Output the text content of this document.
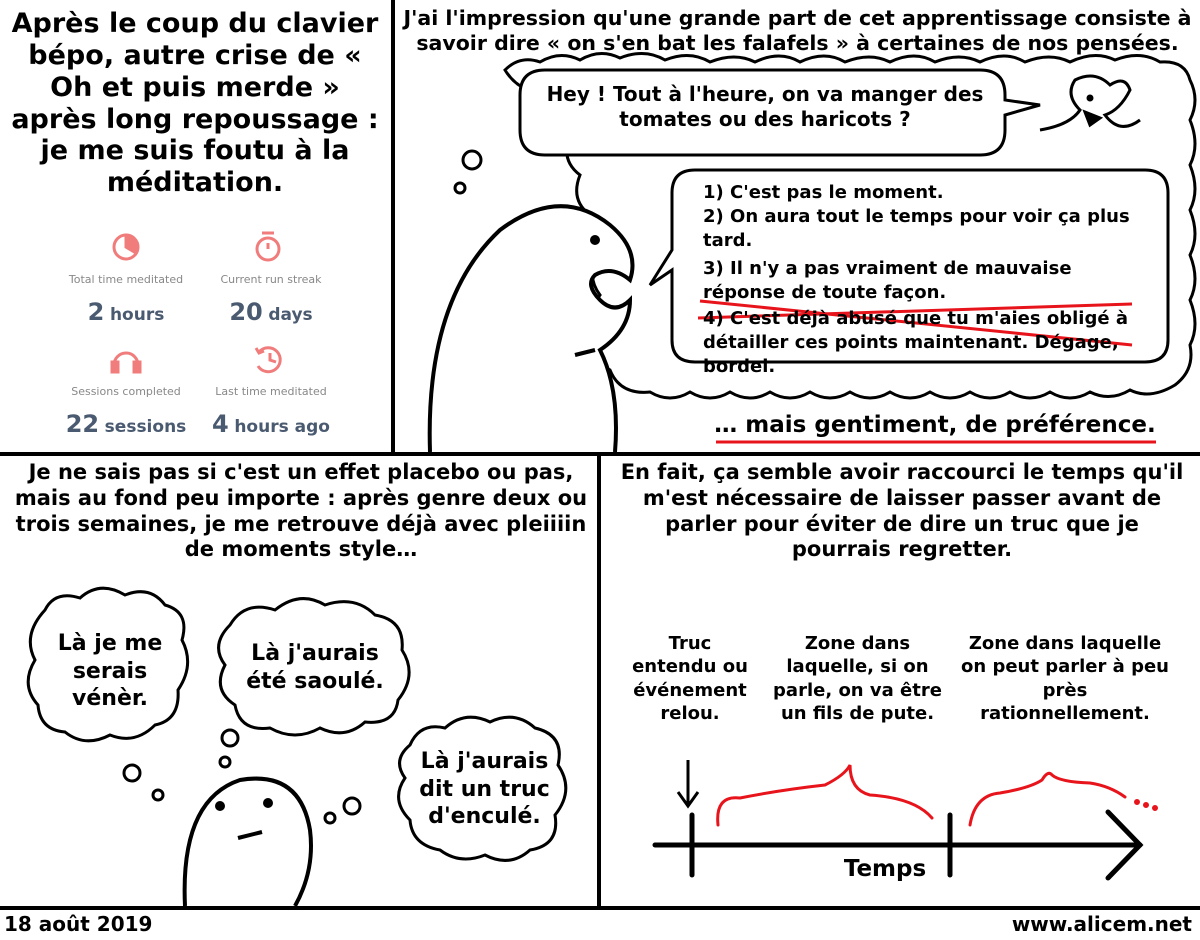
Après le coup du clavier bépo, autre crise de « Oh et puis merde » après long repoussage : je me suis foutu à la méditation.
Total time meditated
2 hours
Current run streak
20 days
Sessions completed
22 sessions
Last time meditated
4 hours ago
J'ai l'impression qu'une grande part de cet apprentissage consiste à savoir dire « on s'en bat les falafels » à certaines de nos pensées.
Hey ! Tout à l'heure, on va manger des tomates ou des haricots ?
1) C'est pas le moment.
2) On aura tout le temps pour voir ça plus
tard.
3) Il n'y a pas vraiment de mauvaise
réponse de toute façon.
4) C'est déjà abusé que tu m'aies obligé à
détailler ces points maintenant. Dégage,
bordel.
… mais gentiment, de préférence.
Je ne sais pas si c'est un effet placebo ou pas, mais au fond peu importe : après genre deux ou trois semaines, je me retrouve déjà avec pleiiiin de moments style…
Là je me serais vénèr.
Là j'aurais été saoulé.
Là j'aurais dit un truc d'enculé.
En fait, ça semble avoir raccourci le temps qu'il m'est nécessaire de laisser passer avant de parler pour éviter de dire un truc que je pourrais regretter.
Truc entendu ou événement relou.
Zone dans laquelle, si on parle, on va être un fils de pute.
Zone dans laquelle on peut parler à peu près rationnellement.
Temps
18 août 2019	www.alicem.net
